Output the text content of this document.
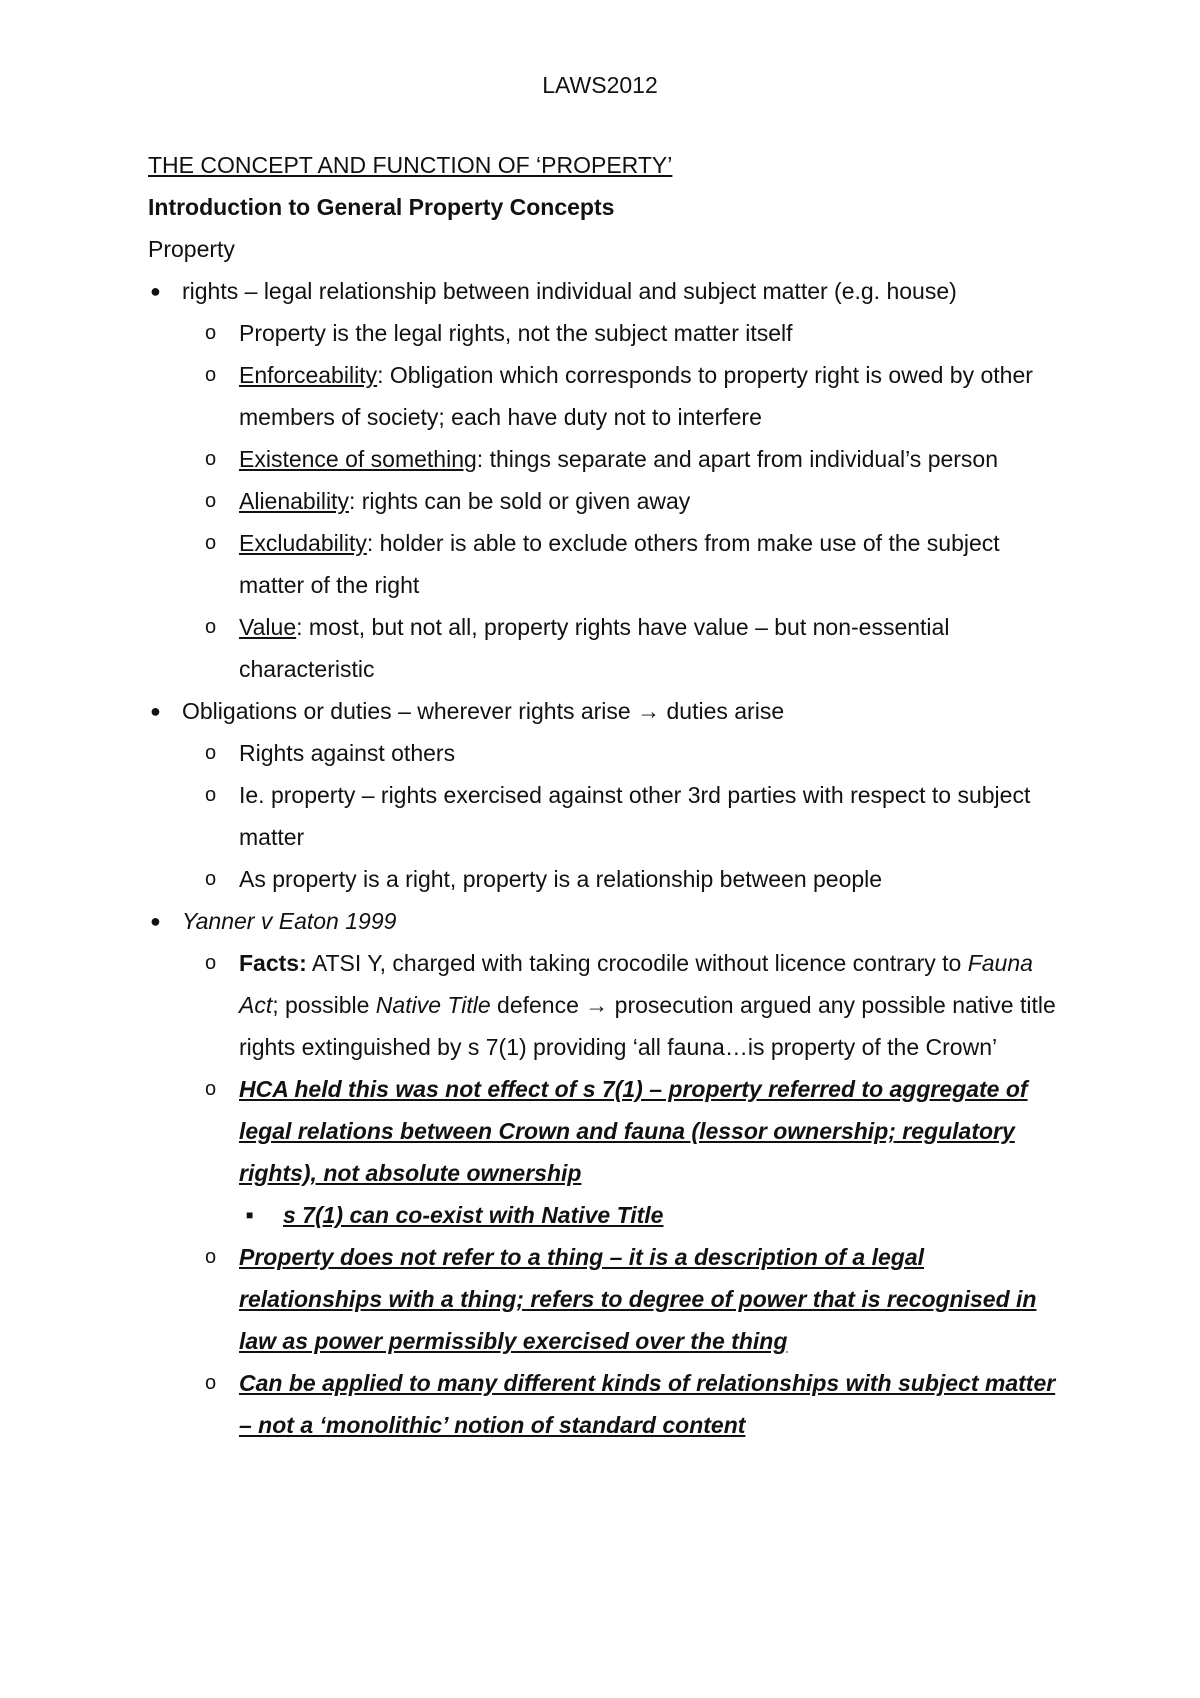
LAWS2012
THE CONCEPT AND FUNCTION OF ‘PROPERTY’
Introduction to General Property Concepts
Property
● rights – legal relationship between individual and subject matter (e.g. house)
o Property is the legal rights, not the subject matter itself
o Enforceability: Obligation which corresponds to property right is owed by other members of society; each have duty not to interfere
o Existence of something: things separate and apart from individual’s person
o Alienability: rights can be sold or given away
o Excludability: holder is able to exclude others from make use of the subject matter of the right
o Value: most, but not all, property rights have value – but non-essential characteristic
● Obligations or duties – wherever rights arise → duties arise
o Rights against others
o Ie. property – rights exercised against other 3rd parties with respect to subject matter
o As property is a right, property is a relationship between people
● Yanner v Eaton 1999
o Facts: ATSI Y, charged with taking crocodile without licence contrary to Fauna Act; possible Native Title defence → prosecution argued any possible native title rights extinguished by s 7(1) providing ‘all fauna…is property of the Crown’
o HCA held this was not effect of s 7(1) – property referred to aggregate of legal relations between Crown and fauna (lessor ownership; regulatory rights), not absolute ownership
■ s 7(1) can co-exist with Native Title
o Property does not refer to a thing – it is a description of a legal relationships with a thing; refers to degree of power that is recognised in law as power permissibly exercised over the thing
o Can be applied to many different kinds of relationships with subject matter – not a ‘monolithic’ notion of standard content
